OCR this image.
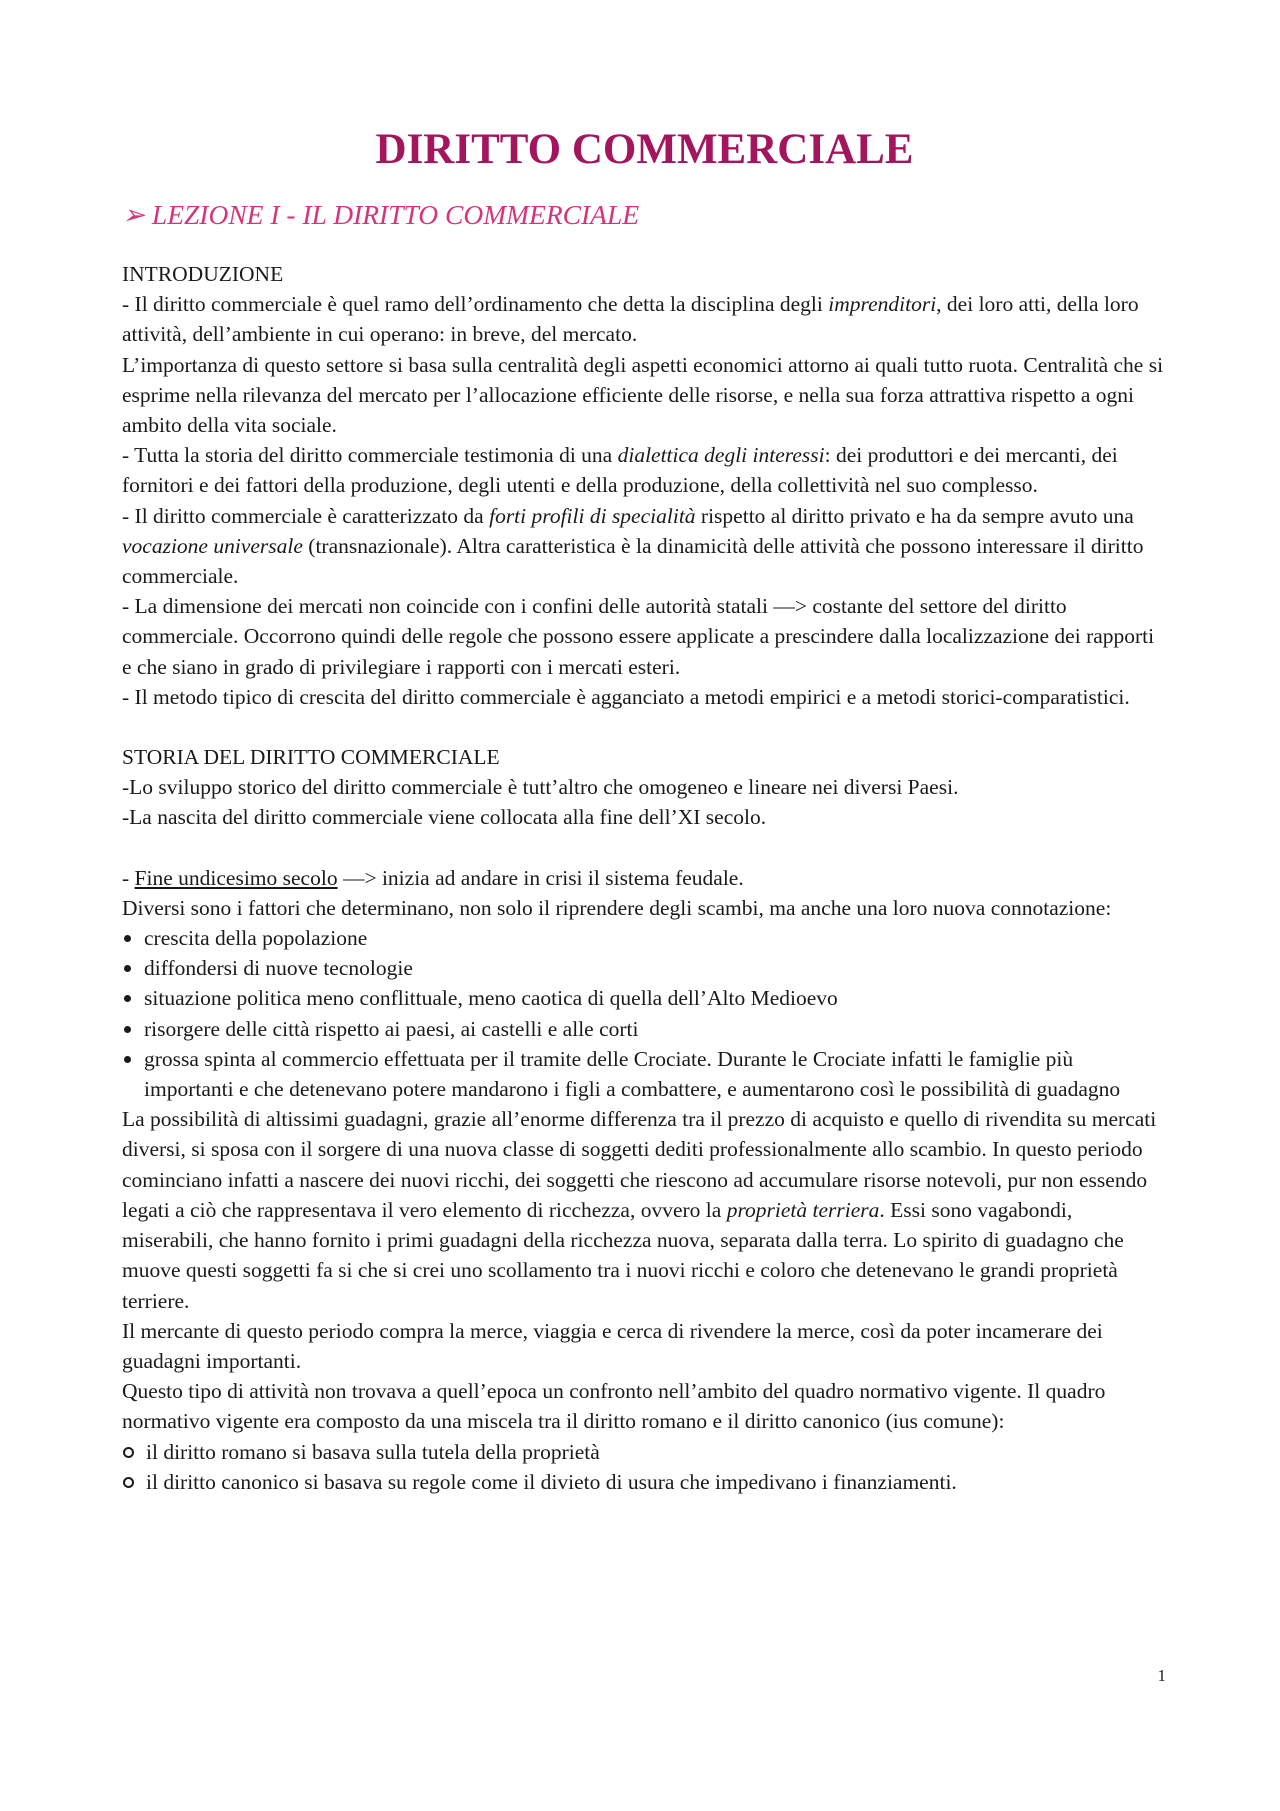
DIRITTO COMMERCIALE
➢ LEZIONE I - IL DIRITTO COMMERCIALE

INTRODUZIONE

- Il diritto commerciale è quel ramo dell’ordinamento che detta la disciplina degli imprenditori, dei loro atti, della loro attività, dell’ambiente in cui operano: in breve, del mercato.

L’importanza di questo settore si basa sulla centralità degli aspetti economici attorno ai quali tutto ruota. Centralità che si esprime nella rilevanza del mercato per l’allocazione efficiente delle risorse, e nella sua forza attrattiva rispetto a ogni ambito della vita sociale.

- Tutta la storia del diritto commerciale testimonia di una dialettica degli interessi: dei produttori e dei mercanti, dei fornitori e dei fattori della produzione, degli utenti e della produzione, della collettività nel suo complesso.

- Il diritto commerciale è caratterizzato da forti profili di specialità rispetto al diritto privato e ha da sempre avuto una vocazione universale (transnazionale). Altra caratteristica è la dinamicità delle attività che possono interessare il diritto commerciale.

- La dimensione dei mercati non coincide con i confini delle autorità statali —> costante del settore del diritto commerciale. Occorrono quindi delle regole che possono essere applicate a prescindere dalla localizzazione dei rapporti e che siano in grado di privilegiare i rapporti con i mercati esteri.

- Il metodo tipico di crescita del diritto commerciale è agganciato a metodi empirici e a metodi storici-comparatistici.

STORIA DEL DIRITTO COMMERCIALE

-Lo sviluppo storico del diritto commerciale è tutt’altro che omogeneo e lineare nei diversi Paesi.

-La nascita del diritto commerciale viene collocata alla fine dell’XI secolo.

- Fine undicesimo secolo —> inizia ad andare in crisi il sistema feudale.

Diversi sono i fattori che determinano, non solo il riprendere degli scambi, ma anche una loro nuova connotazione:

crescita della popolazione
diffondersi di nuove tecnologie
situazione politica meno conflittuale, meno caotica di quella dell’Alto Medioevo
risorgere delle città rispetto ai paesi, ai castelli e alle corti
grossa spinta al commercio effettuata per il tramite delle Crociate. Durante le Crociate infatti le famiglie più importanti e che detenevano potere mandarono i figli a combattere, e aumentarono così le possibilità di guadagno

La possibilità di altissimi guadagni, grazie all’enorme differenza tra il prezzo di acquisto e quello di rivendita su mercati diversi, si sposa con il sorgere di una nuova classe di soggetti dediti professionalmente allo scambio. In questo periodo cominciano infatti a nascere dei nuovi ricchi, dei soggetti che riescono ad accumulare risorse notevoli, pur non essendo legati a ciò che rappresentava il vero elemento di ricchezza, ovvero la proprietà terriera. Essi sono vagabondi, miserabili, che hanno fornito i primi guadagni della ricchezza nuova, separata dalla terra. Lo spirito di guadagno che muove questi soggetti fa si che si crei uno scollamento tra i nuovi ricchi e coloro che detenevano le grandi proprietà terriere.

Il mercante di questo periodo compra la merce, viaggia e cerca di rivendere la merce, così da poter incamerare dei guadagni importanti.

Questo tipo di attività non trovava a quell’epoca un confronto nell’ambito del quadro normativo vigente. Il quadro normativo vigente era composto da una miscela tra il diritto romano e il diritto canonico (ius comune):

il diritto romano si basava sulla tutela della proprietà
il diritto canonico si basava su regole come il divieto di usura che impedivano i finanziamenti.
1
